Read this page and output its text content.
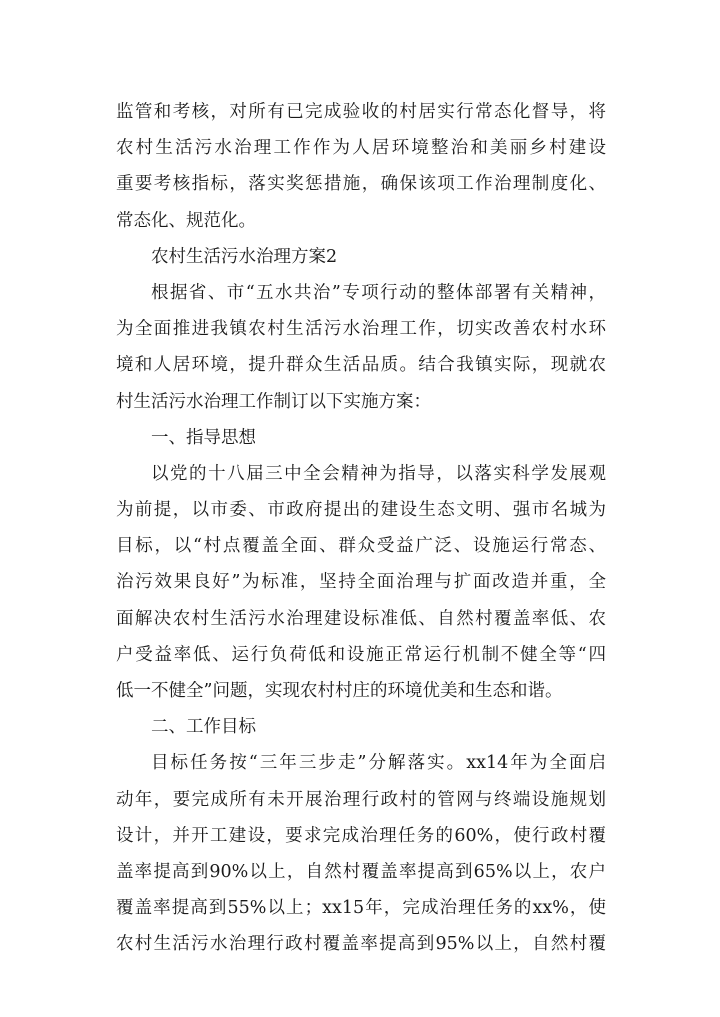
监管和考核，对所有已完成验收的村居实行常态化督导，将
农村生活污水治理工作作为人居环境整治和美丽乡村建设
重要考核指标，落实奖惩措施，确保该项工作治理制度化、
常态化、规范化。
农村生活污水治理方案2
根据省、市“五水共治”专项行动的整体部署有关精神，
为全面推进我镇农村生活污水治理工作，切实改善农村水环
境和人居环境，提升群众生活品质。结合我镇实际，现就农
村生活污水治理工作制订以下实施方案：
一、指导思想
以党的十八届三中全会精神为指导，以落实科学发展观
为前提，以市委、市政府提出的建设生态文明、强市名城为
目标，以“村点覆盖全面、群众受益广泛、设施运行常态、
治污效果良好”为标准，坚持全面治理与扩面改造并重，全
面解决农村生活污水治理建设标准低、自然村覆盖率低、农
户受益率低、运行负荷低和设施正常运行机制不健全等“四
低一不健全”问题，实现农村村庄的环境优美和生态和谐。
二、工作目标
目标任务按“三年三步走”分解落实。xx14年为全面启
动年，要完成所有未开展治理行政村的管网与终端设施规划
设计，并开工建设，要求完成治理任务的60%，使行政村覆
盖率提高到90%以上，自然村覆盖率提高到65%以上，农户
覆盖率提高到55%以上；xx15年，完成治理任务的xx%，使
农村生活污水治理行政村覆盖率提高到95%以上，自然村覆
